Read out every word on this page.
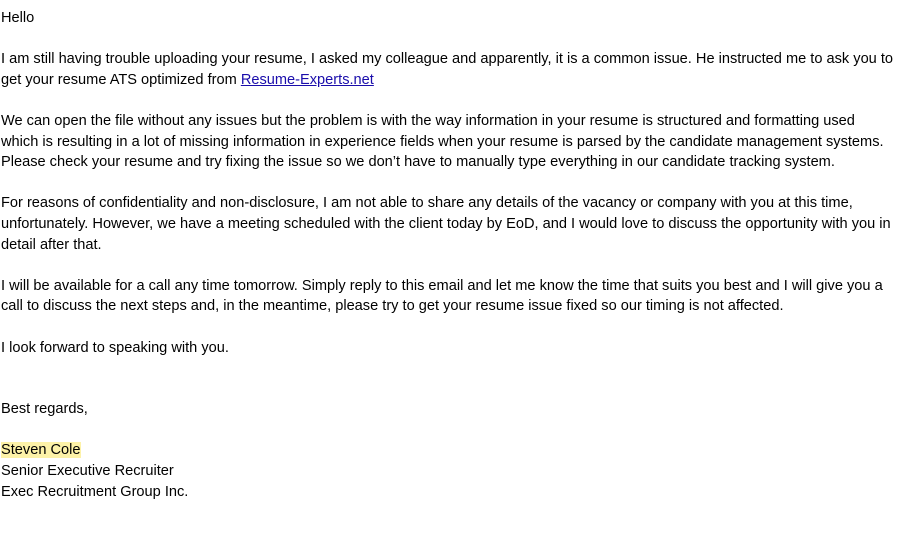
Hello

I am still having trouble uploading your resume, I asked my colleague and apparently, it is a common issue. He instructed me to ask you to get your resume ATS optimized from Resume-Experts.net

We can open the file without any issues but the problem is with the way information in your resume is structured and formatting used which is resulting in a lot of missing information in experience fields when your resume is parsed by the candidate management systems. Please check your resume and try fixing the issue so we don’t have to manually type everything in our candidate tracking system.

For reasons of confidentiality and non-disclosure, I am not able to share any details of the vacancy or company with you at this time, unfortunately. However, we have a meeting scheduled with the client today by EoD, and I would love to discuss the opportunity with you in detail after that.

I will be available for a call any time tomorrow. Simply reply to this email and let me know the time that suits you best and I will give you a call to discuss the next steps and, in the meantime, please try to get your resume issue fixed so our timing is not affected.

I look forward to speaking with you.

Best regards,

Steven Cole

Senior Executive Recruiter

Exec Recruitment Group Inc.
